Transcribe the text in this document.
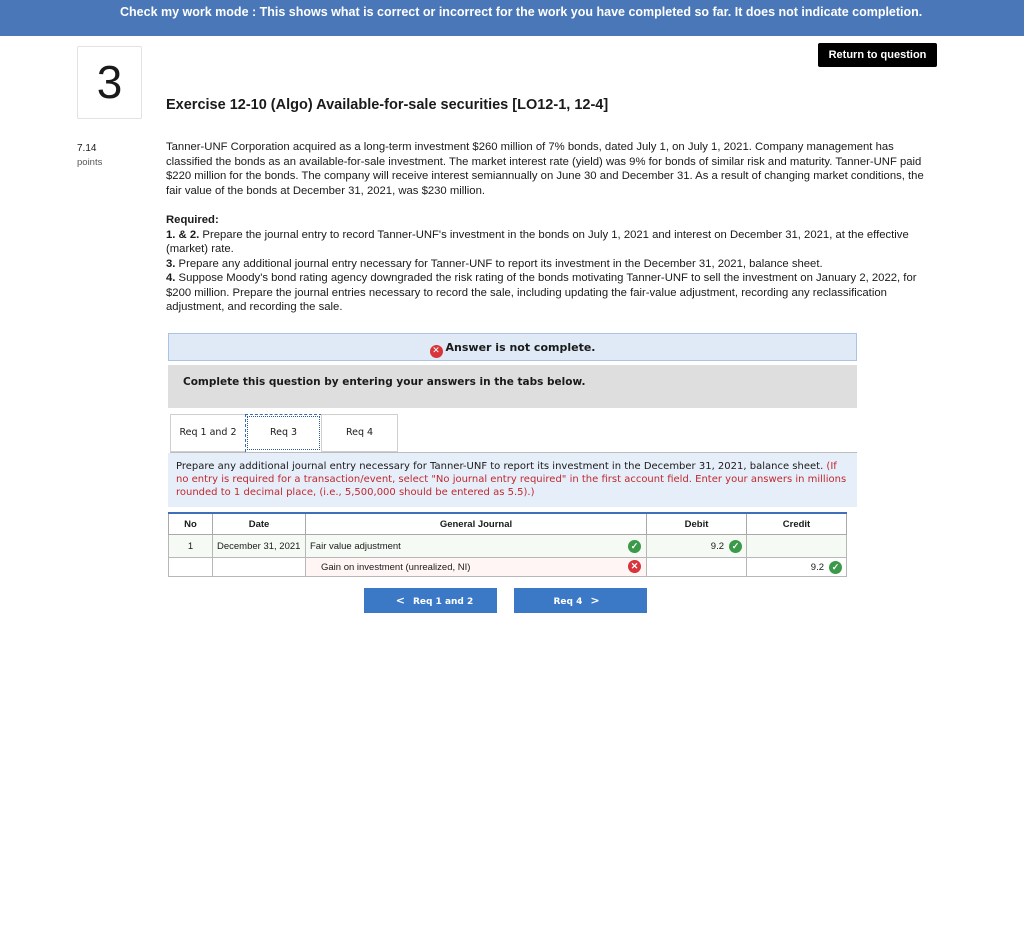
Check my work mode : This shows what is correct or incorrect for the work you have completed so far. It does not indicate completion.
Return to question
3
7.14
points
Exercise 12-10 (Algo) Available-for-sale securities [LO12-1, 12-4]
Tanner-UNF Corporation acquired as a long-term investment $260 million of 7% bonds, dated July 1, on July 1, 2021. Company management has classified the bonds as an available-for-sale investment. The market interest rate (yield) was 9% for bonds of similar risk and maturity. Tanner-UNF paid $220 million for the bonds. The company will receive interest semiannually on June 30 and December 31. As a result of changing market conditions, the fair value of the bonds at December 31, 2021, was $230 million.
Required:
1. & 2. Prepare the journal entry to record Tanner-UNF's investment in the bonds on July 1, 2021 and interest on December 31, 2021, at the effective (market) rate.
3. Prepare any additional journal entry necessary for Tanner-UNF to report its investment in the December 31, 2021, balance sheet.
4. Suppose Moody's bond rating agency downgraded the risk rating of the bonds motivating Tanner-UNF to sell the investment on January 2, 2022, for $200 million. Prepare the journal entries necessary to record the sale, including updating the fair-value adjustment, recording any reclassification adjustment, and recording the sale.
✕ Answer is not complete.
Complete this question by entering your answers in the tabs below.
Req 1 and 2	Req 3	Req 4
Prepare any additional journal entry necessary for Tanner-UNF to report its investment in the December 31, 2021, balance sheet. (If no entry is required for a transaction/event, select "No journal entry required" in the first account field. Enter your answers in millions rounded to 1 decimal place, (i.e., 5,500,000 should be entered as 5.5).)
No	Date	General Journal	Debit	Credit
1	December 31, 2021	Fair value adjustment ✓	9.2 ✓	

		Gain on investment (unrealized, NI) ✕		9.2 ✓
< Req 1 and 2	Req 4 >
